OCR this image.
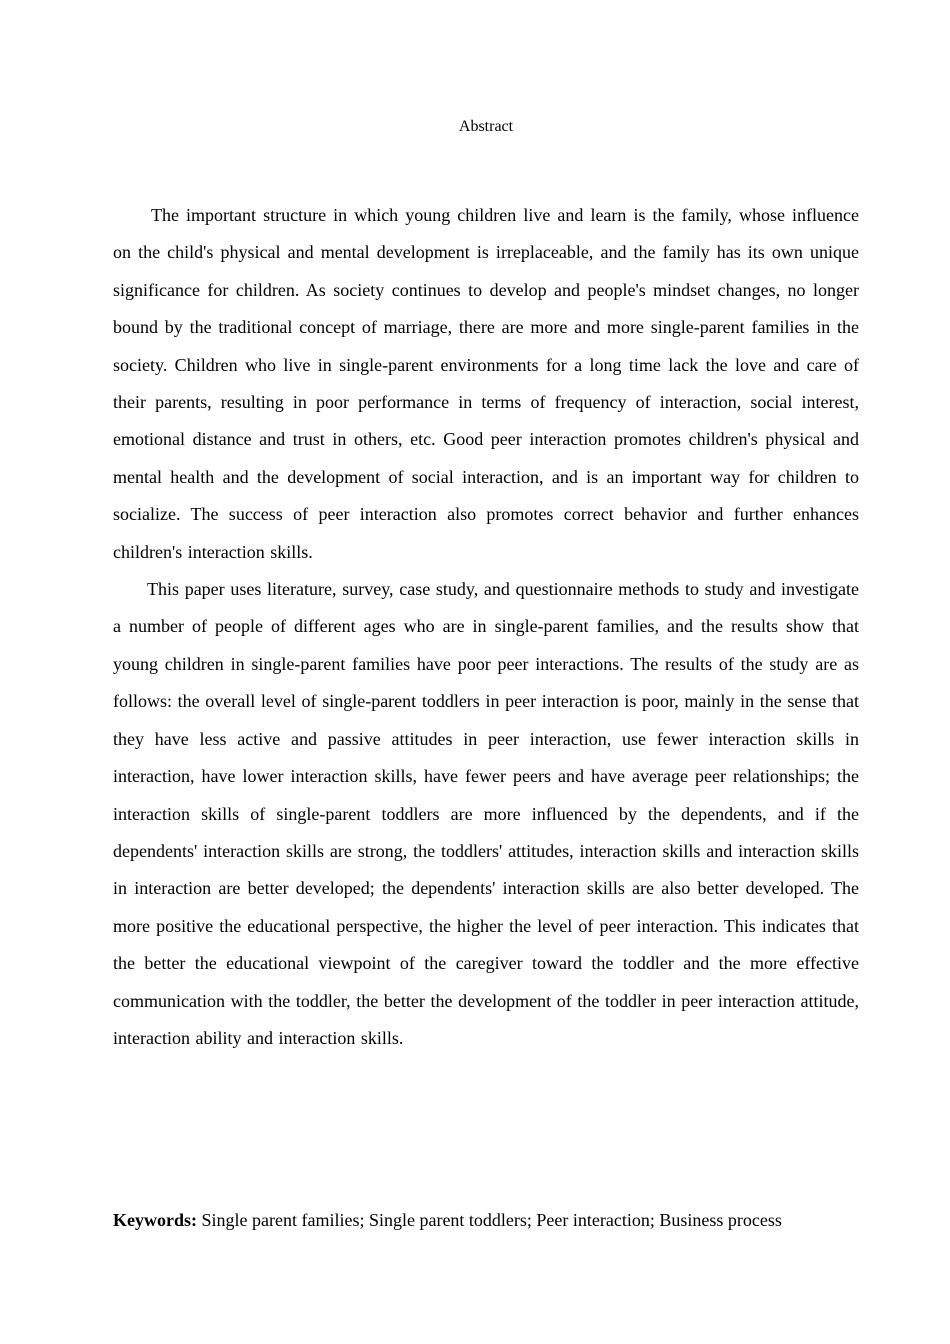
Abstract

The important structure in which young children live and learn is the family, whose influence on the child's physical and mental development is irreplaceable, and the family has its own unique significance for children. As society continues to develop and people's mindset changes, no longer bound by the traditional concept of marriage, there are more and more single-parent families in the society. Children who live in single-parent environments for a long time lack the love and care of their parents, resulting in poor performance in terms of frequency of interaction, social interest, emotional distance and trust in others, etc. Good peer interaction promotes children's physical and mental health and the development of social interaction, and is an important way for children to socialize. The success of peer interaction also promotes correct behavior and further enhances children's interaction skills.

This paper uses literature, survey, case study, and questionnaire methods to study and investigate a number of people of different ages who are in single-parent families, and the results show that young children in single-parent families have poor peer interactions. The results of the study are as follows: the overall level of single-parent toddlers in peer interaction is poor, mainly in the sense that they have less active and passive attitudes in peer interaction, use fewer interaction skills in interaction, have lower interaction skills, have fewer peers and have average peer relationships; the interaction skills of single-parent toddlers are more influenced by the dependents, and if the dependents' interaction skills are strong, the toddlers' attitudes, interaction skills and interaction skills in interaction are better developed; the dependents' interaction skills are also better developed. The more positive the educational perspective, the higher the level of peer interaction. This indicates that the better the educational viewpoint of the caregiver toward the toddler and the more effective communication with the toddler, the better the development of the toddler in peer interaction attitude, interaction ability and interaction skills.

Keywords: Single parent families; Single parent toddlers; Peer interaction; Business process
